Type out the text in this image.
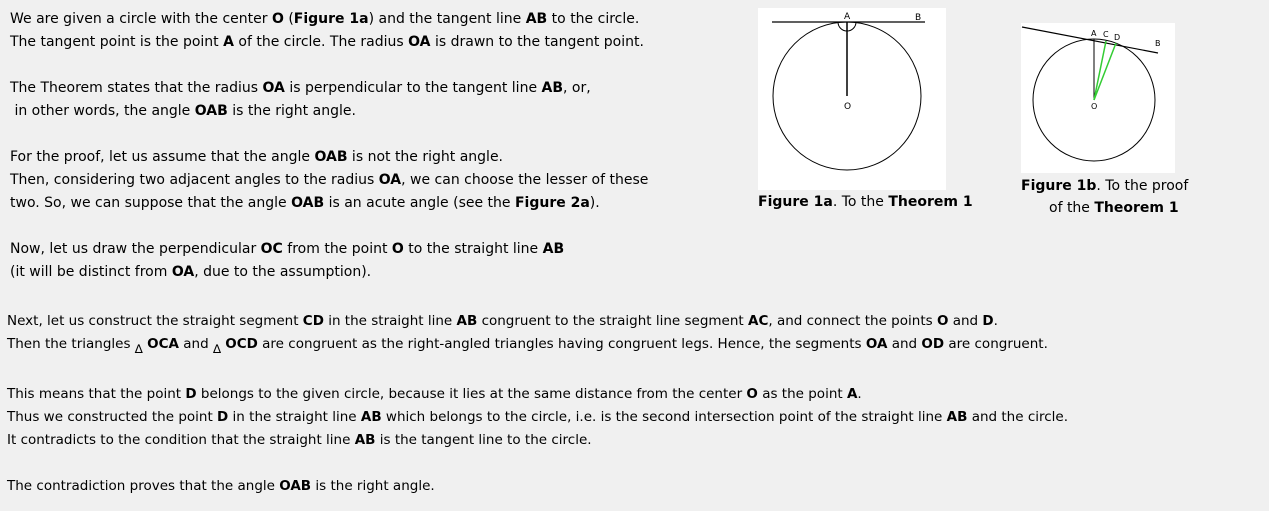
We are given a circle with the center O (Figure 1a) and the tangent line AB to the circle.
The tangent point is the point A of the circle. The radius OA is drawn to the tangent point.
The Theorem states that the radius OA is perpendicular to the tangent line AB, or,
in other words, the angle OAB is the right angle.
For the proof, let us assume that the angle OAB is not the right angle.
Then, considering two adjacent angles to the radius OA, we can choose the lesser of these
two. So, we can suppose that the angle OAB is an acute angle (see the Figure 2a).
Now, let us draw the perpendicular OC from the point O to the straight line AB
(it will be distinct from OA, due to the assumption).
Next, let us construct the straight segment CD in the straight line AB congruent to the straight line segment AC, and connect the points O and D.
Then the triangles ∆ OCA and ∆ OCD are congruent as the right-angled triangles having congruent legs. Hence, the segments OA and OD are congruent.
This means that the point D belongs to the given circle, because it lies at the same distance from the center O as the point A.
Thus we constructed the point D in the straight line AB which belongs to the circle, i.e. is the second intersection point of the straight line AB and the circle.
It contradicts to the condition that the straight line AB is the tangent line to the circle.
The contradiction proves that the angle OAB is the right angle.
A	B
O
Figure 1a. To the Theorem 1
A C D
B
O
Figure 1b. To the proof
of the Theorem 1
